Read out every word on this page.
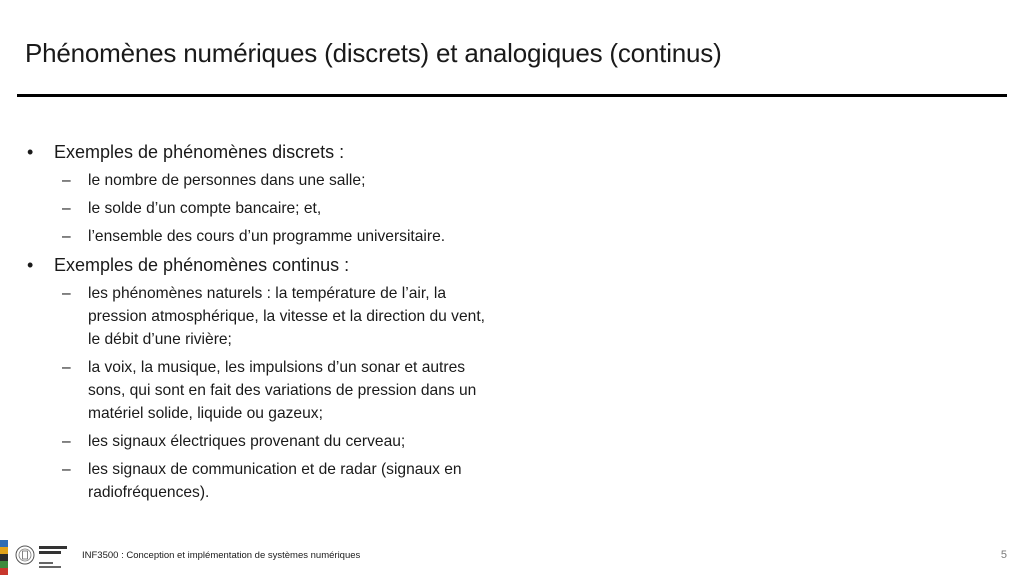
Phénomènes numériques (discrets) et analogiques (continus)
• Exemples de phénomènes discrets :
– le nombre de personnes dans une salle;
– le solde d’un compte bancaire; et,
– l’ensemble des cours d’un programme universitaire.
• Exemples de phénomènes continus :
– les phénomènes naturels : la température de l’air, la pression atmosphérique, la vitesse et la direction du vent, le débit d’une rivière;
– la voix, la musique, les impulsions d’un sonar et autres sons, qui sont en fait des variations de pression dans un matériel solide, liquide ou gazeux;
– les signaux électriques provenant du cerveau;
– les signaux de communication et de radar (signaux en radiofréquences).
INF3500 : Conception et implémentation de systèmes numériques	5
